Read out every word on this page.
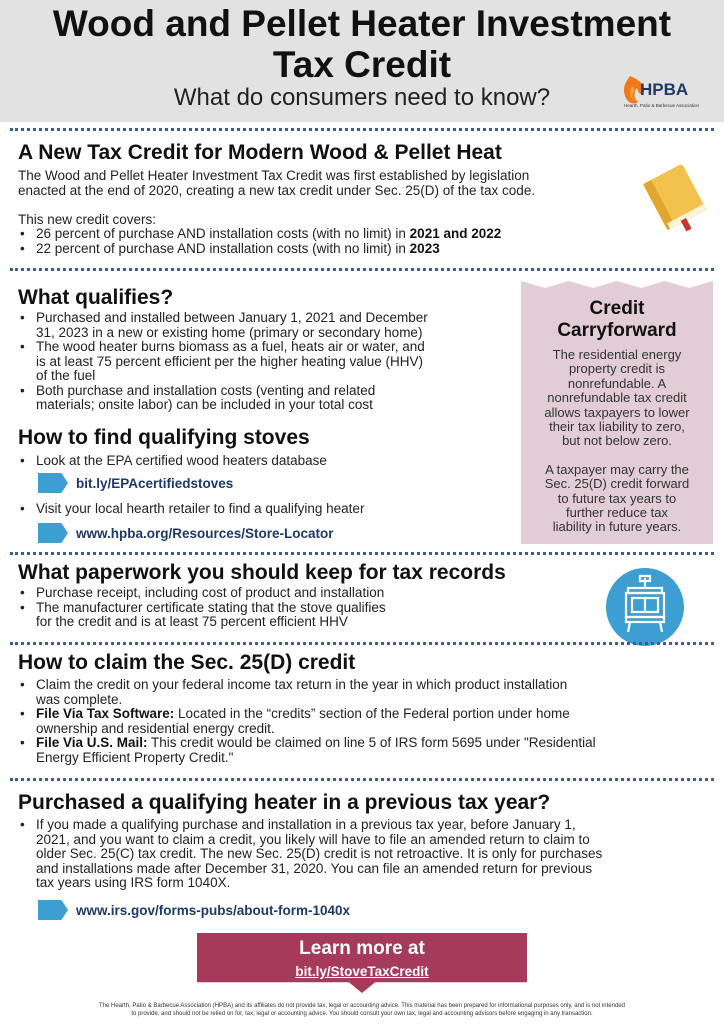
Wood and Pellet Heater Investment
Tax Credit
What do consumers need to know?	HPBA
Hearth, Patio & Barbecue Association
A New Tax Credit for Modern Wood & Pellet Heat

The Wood and Pellet Heater Investment Tax Credit was first established by legislation
enacted at the end of 2020, creating a new tax credit under Sec. 25(D) of the tax code.

This new credit covers:

• 26 percent of purchase AND installation costs (with no limit) in 2021 and 2022
• 22 percent of purchase AND installation costs (with no limit) in 2023
What qualifies?
• Purchased and installed between January 1, 2021 and December
31, 2023 in a new or existing home (primary or secondary home)
• The wood heater burns biomass as a fuel, heats air or water, and
is at least 75 percent efficient per the higher heating value (HHV)
of the fuel
• Both purchase and installation costs (venting and related
materials; onsite labor) can be included in your total cost
How to find qualifying stoves
• Look at the EPA certified wood heaters database
bit.ly/EPAcertifiedstoves
• Visit your local hearth retailer to find a qualifying heater
www.hpba.org/Resources/Store-Locator
Credit
Carryforward

The residential energy
property credit is
nonrefundable. A
nonrefundable tax credit
allows taxpayers to lower
their tax liability to zero,
but not below zero.

A taxpayer may carry the
Sec. 25(D) credit forward
to future tax years to
further reduce tax
liability in future years.

What paperwork you should keep for tax records
• Purchase receipt, including cost of product and installation
• The manufacturer certificate stating that the stove qualifies
for the credit and is at least 75 percent efficient HHV
How to claim the Sec. 25(D) credit
• Claim the credit on your federal income tax return in the year in which product installation
was complete.
• File Via Tax Software: Located in the “credits” section of the Federal portion under home
ownership and residential energy credit.
• File Via U.S. Mail: This credit would be claimed on line 5 of IRS form 5695 under "Residential
Energy Efficient Property Credit."
Purchased a qualifying heater in a previous tax year?
• If you made a qualifying purchase and installation in a previous tax year, before January 1,
2021, and you want to claim a credit, you likely will have to file an amended return to claim to
older Sec. 25(C) tax credit. The new Sec. 25(D) credit is not retroactive. It is only for purchases
and installations made after December 31, 2020. You can file an amended return for previous
tax years using IRS form 1040X.
www.irs.gov/forms-pubs/about-form-1040x
Learn more at
bit.ly/StoveTaxCredit
The Hearth, Patio & Barbecue Association (HPBA) and its affiliates do not provide tax, legal or accounting advice. This material has been prepared for informational purposes only, and is not intended
to provide, and should not be relied on for, tax, legal or accounting advice. You should consult your own tax, legal and accounting advisors before engaging in any transaction.
